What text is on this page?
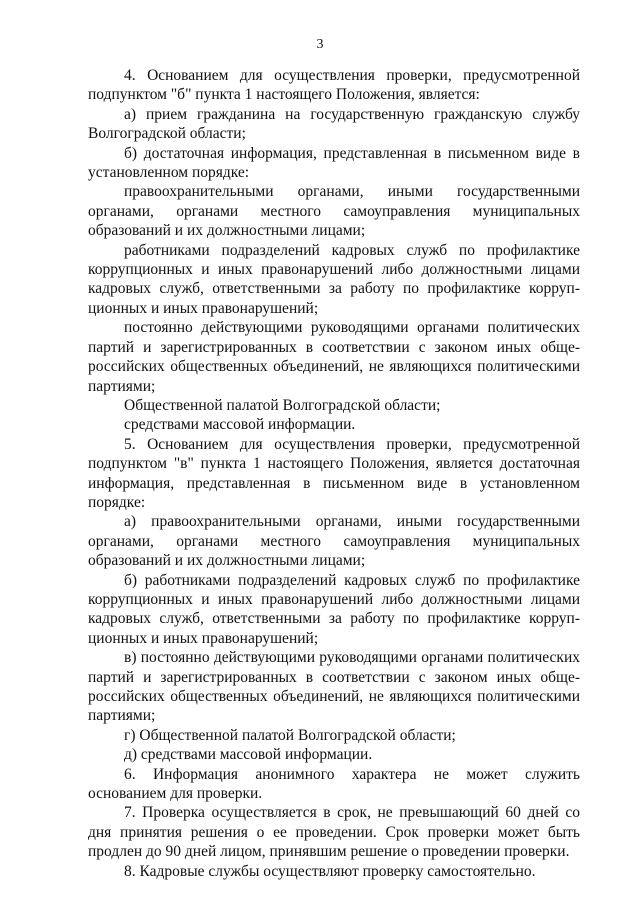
3

4. Основанием для осуществления проверки, предусмотренной подпунктом "б" пункта 1 настоящего Положения, является:

а) прием гражданина на государственную гражданскую службу Волгоградской области;

б) достаточная информация, представленная в письменном виде в установленном порядке:

правоохранительными органами, иными государственными органами, органами местного самоуправления муниципальных образований и их должностными лицами;

работниками подразделений кадровых служб по профилактике коррупционных и иных правонарушений либо должностными лицами кадровых служб, ответственными за работу по профилактике коррупционных и иных правонарушений;

постоянно действующими руководящими органами политических партий и зарегистрированных в соответствии с законом иных общероссийских общественных объединений, не являющихся политическими партиями;

Общественной палатой Волгоградской области;

средствами массовой информации.

5. Основанием для осуществления проверки, предусмотренной подпунктом "в" пункта 1 настоящего Положения, является достаточная информация, представленная в письменном виде в установленном порядке:

а) правоохранительными органами, иными государственными органами, органами местного самоуправления муниципальных образований и их должностными лицами;

б) работниками подразделений кадровых служб по профилактике коррупционных и иных правонарушений либо должностными лицами кадровых служб, ответственными за работу по профилактике коррупционных и иных правонарушений;

в) постоянно действующими руководящими органами политических партий и зарегистрированных в соответствии с законом иных общероссийских общественных объединений, не являющихся политическими партиями;

г) Общественной палатой Волгоградской области;

д) средствами массовой информации.

6. Информация анонимного характера не может служить основанием для проверки.

7. Проверка осуществляется в срок, не превышающий 60 дней со дня принятия решения о ее проведении. Срок проверки может быть продлен до 90 дней лицом, принявшим решение о проведении проверки.

8. Кадровые службы осуществляют проверку самостоятельно.
